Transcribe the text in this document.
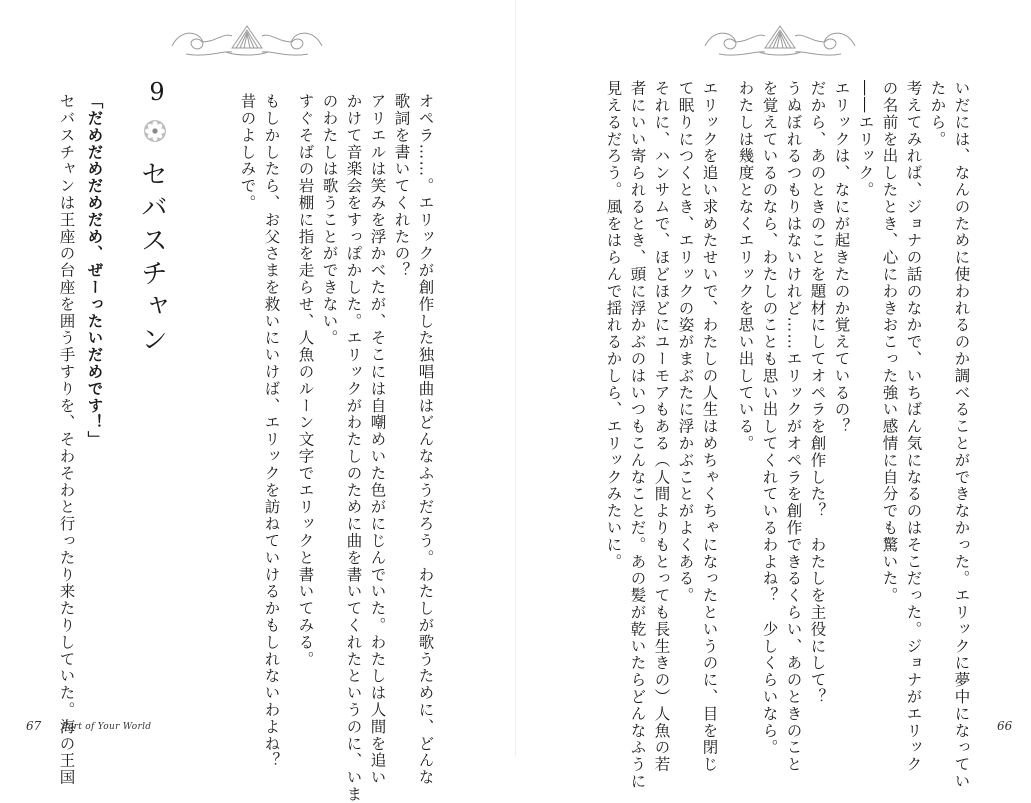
9
セバスチャン	オペラ……。エリックが創作した独唱曲はどんなふうだろう。わたしが歌うために、どんな
歌詞を書いてくれたの？
アリエルは笑みを浮かべたが、そこには自嘲めいた色がにじんでいた。わたしは人間を追い
かけて音楽会をすっぽかした。エリックがわたしのために曲を書いてくれたというのに、いま
のわたしは歌うことができない。
すぐそばの岩棚に指を走らせ、人魚のルーン文字でエリックと書いてみる。
もしかしたら、お父さまを救いにいけば、エリックを訪ねていけるかもしれないわよね？
昔のよしみで。
「だめだめだめだめ、ぜーったいだめです！」
セバスチャンは王座の台座を囲う手すりを、そわそわと行ったり来たりしていた。海の王国
67 Part of Your World	いだには、なんのために使われるのか調べることができなかった。エリックに夢中になってい
たから。
考えてみれば、ジョナの話のなかで、いちばん気になるのはそこだった。ジョナがエリック
の名前を出したとき、心にわきおこった強い感情に自分でも驚いた。
――エリック。
エリックは、なにが起きたのか覚えているの？
だから、あのときのことを題材にしてオペラを創作した？　わたしを主役にして？
うぬぼれるつもりはないけれど……エリックがオペラを創作できるくらい、あのときのこと
を覚えているのなら、わたしのことも思い出してくれているわよね？　少しくらいなら。
わたしは幾度となくエリックを思い出している。
エリックを追い求めたせいで、わたしの人生はめちゃくちゃになったというのに、目を閉じ
て眠りにつくとき、エリックの姿がまぶたに浮かぶことがよくある。
それに、ハンサムで、ほどほどにユーモアもある（人間よりもとっても長生きの）人魚の若
者にいい寄られるとき、頭に浮かぶのはいつもこんなことだ。あの髪が乾いたらどんなふうに
見えるだろう。風をはらんで揺れるかしら、エリックみたいに。
66
